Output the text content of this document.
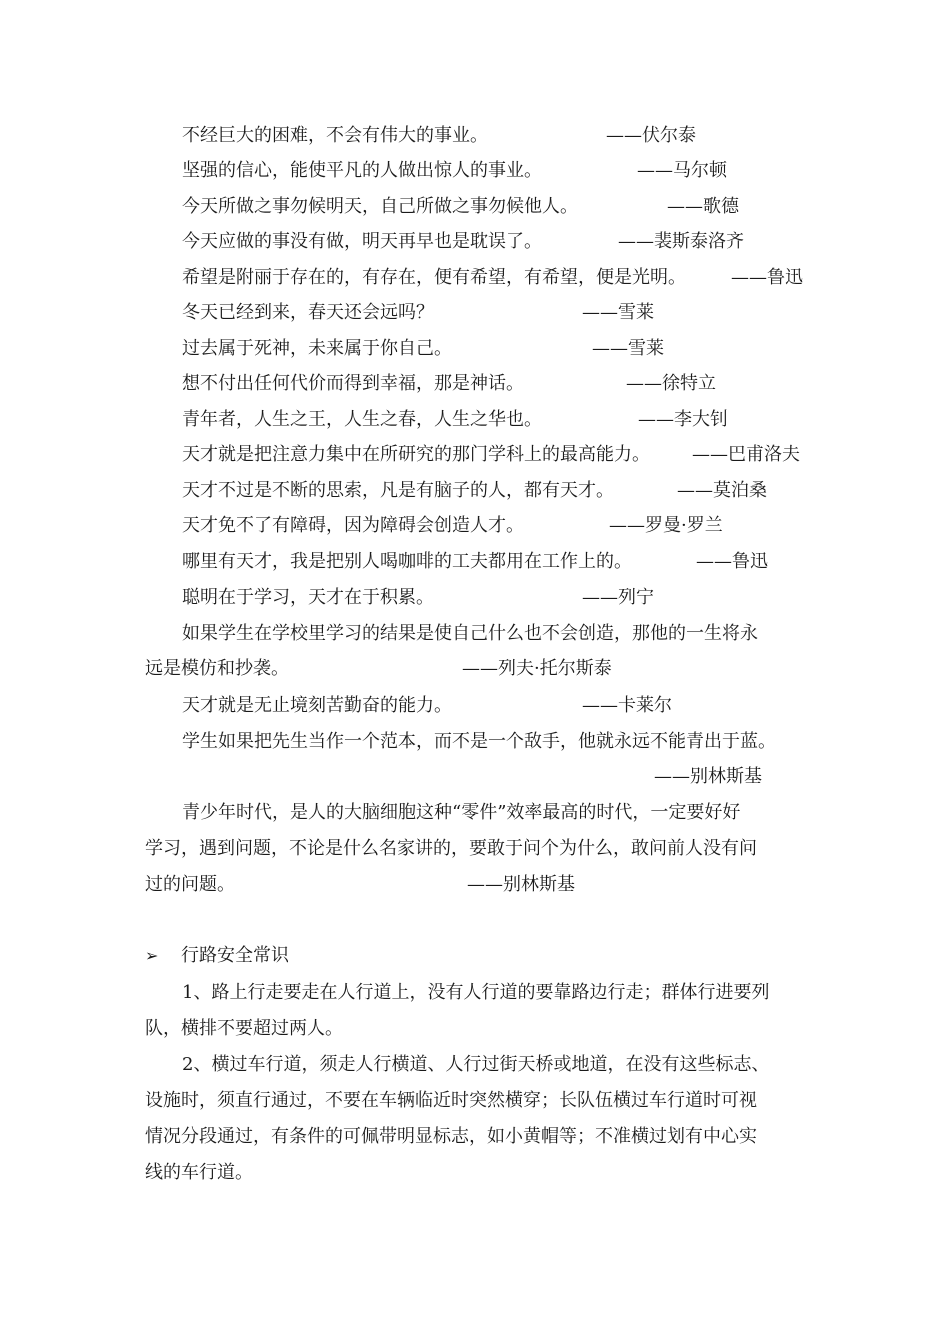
不经巨大的困难，不会有伟大的事业。	——伏尔泰
坚强的信心，能使平凡的人做出惊人的事业。	——马尔顿
今天所做之事勿候明天，自己所做之事勿候他人。	——歌德
今天应做的事没有做，明天再早也是耽误了。	——裴斯泰洛齐
希望是附丽于存在的，有存在，便有希望，有希望，便是光明。	——鲁迅
冬天已经到来，春天还会远吗？	——雪莱
过去属于死神，未来属于你自己。	——雪莱
想不付出任何代价而得到幸福，那是神话。	——徐特立
青年者，人生之王，人生之春，人生之华也。	——李大钊
天才就是把注意力集中在所研究的那门学科上的最高能力。 ——巴甫洛夫
天才不过是不断的思索，凡是有脑子的人，都有天才。	——莫泊桑
天才免不了有障碍，因为障碍会创造人才。	——罗曼·罗兰
哪里有天才，我是把别人喝咖啡的工夫都用在工作上的。	——鲁迅
聪明在于学习，天才在于积累。	——列宁
如果学生在学校里学习的结果是使自己什么也不会创造，那他的一生将永
远是模仿和抄袭。	——列夫·托尔斯泰
天才就是无止境刻苦勤奋的能力。	——卡莱尔
学生如果把先生当作一个范本，而不是一个敌手，他就永远不能青出于蓝。
——别林斯基
青少年时代，是人的大脑细胞这种“零件”效率最高的时代，一定要好好
学习，遇到问题，不论是什么名家讲的，要敢于问个为什么，敢问前人没有问
过的问题。	——别林斯基
➢ 行路安全常识
1、路上行走要走在人行道上，没有人行道的要靠路边行走；群体行进要列
队，横排不要超过两人。
2、横过车行道，须走人行横道、人行过街天桥或地道，在没有这些标志、
设施时，须直行通过，不要在车辆临近时突然横穿；长队伍横过车行道时可视
情况分段通过，有条件的可佩带明显标志，如小黄帽等；不准横过划有中心实
线的车行道。
